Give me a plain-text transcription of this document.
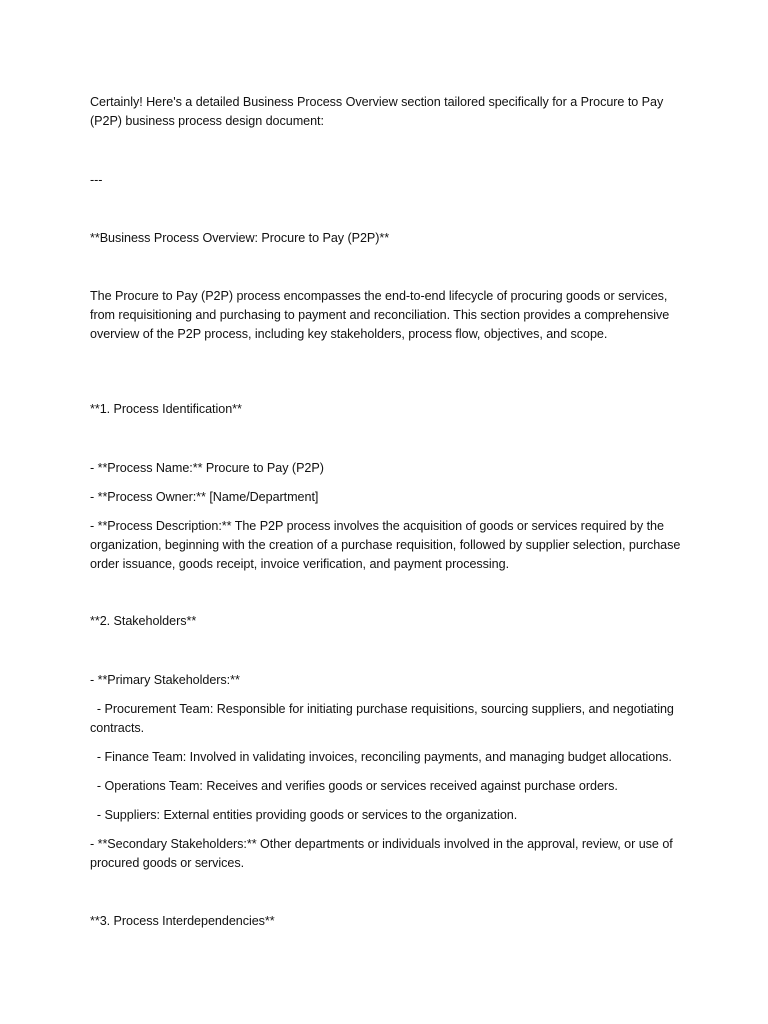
Certainly! Here's a detailed Business Process Overview section tailored specifically for a Procure to Pay (P2P) business process design document:

---

**Business Process Overview: Procure to Pay (P2P)**

The Procure to Pay (P2P) process encompasses the end-to-end lifecycle of procuring goods or services, from requisitioning and purchasing to payment and reconciliation. This section provides a comprehensive overview of the P2P process, including key stakeholders, process flow, objectives, and scope.

**1. Process Identification**

- **Process Name:** Procure to Pay (P2P)

- **Process Owner:** [Name/Department]

- **Process Description:** The P2P process involves the acquisition of goods or services required by the organization, beginning with the creation of a purchase requisition, followed by supplier selection, purchase order issuance, goods receipt, invoice verification, and payment processing.

**2. Stakeholders**

- **Primary Stakeholders:**

- Procurement Team: Responsible for initiating purchase requisitions, sourcing suppliers, and negotiating contracts.

- Finance Team: Involved in validating invoices, reconciling payments, and managing budget allocations.

- Operations Team: Receives and verifies goods or services received against purchase orders.

- Suppliers: External entities providing goods or services to the organization.

- **Secondary Stakeholders:** Other departments or individuals involved in the approval, review, or use of procured goods or services.

**3. Process Interdependencies**
